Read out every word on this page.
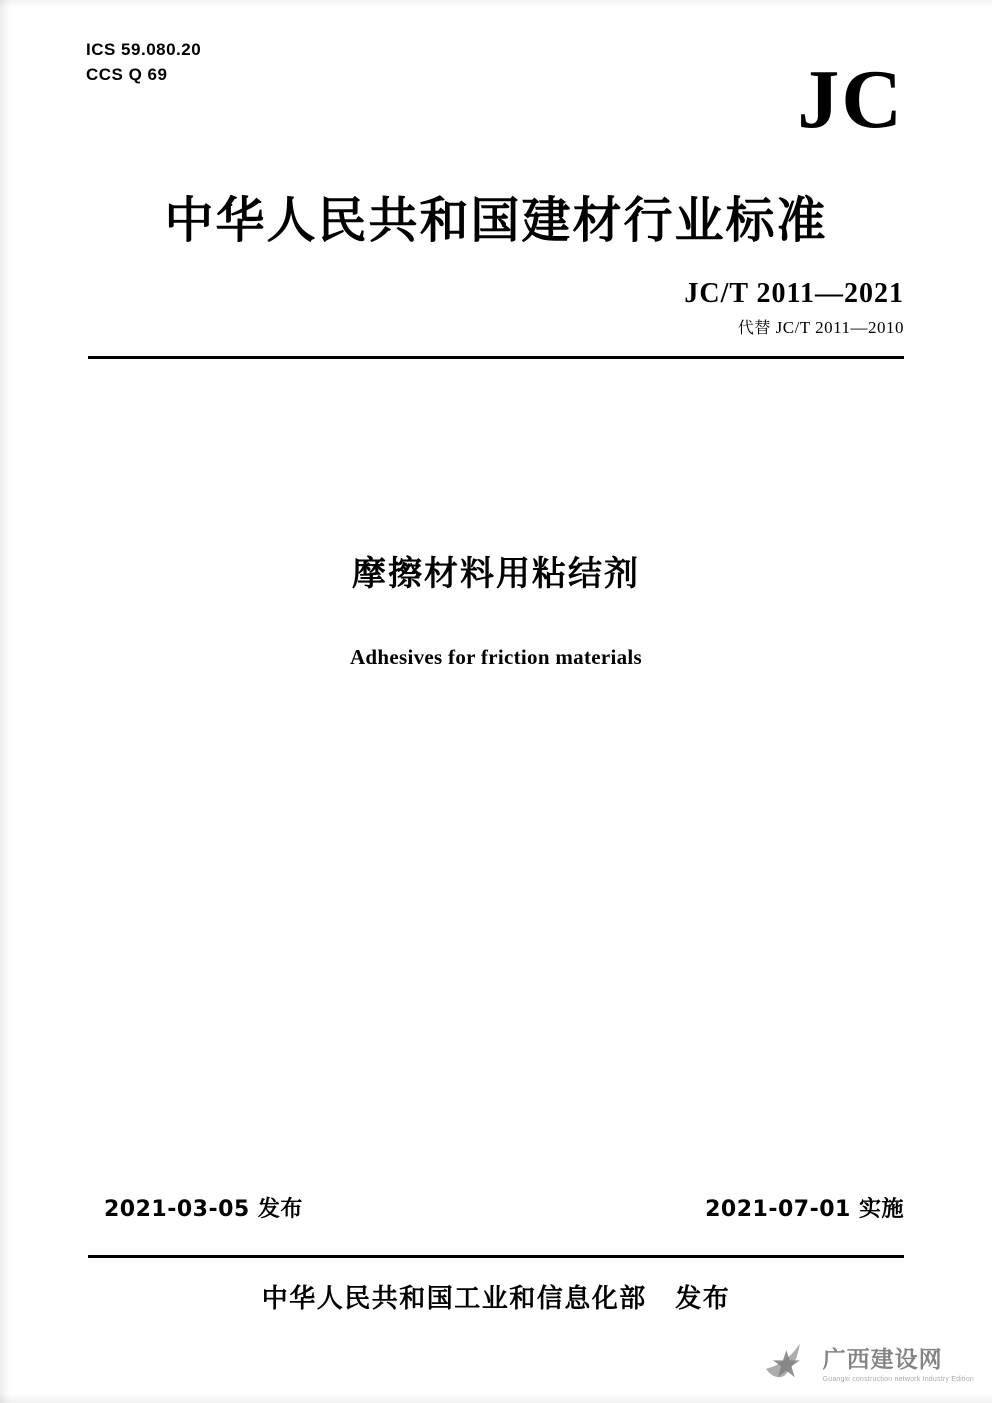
ICS 59.080.20
CCS Q 69	JC
中华人民共和国建材行业标准
JC/T 2011—2021
代替 JC/T 2011—2010
摩擦材料用粘结剂
Adhesives for friction materials
2021-03-05 发布	2021-07-01 实施
中华人民共和国工业和信息化部 发布
广西建设网
Guangxi construction network Industry Edition
